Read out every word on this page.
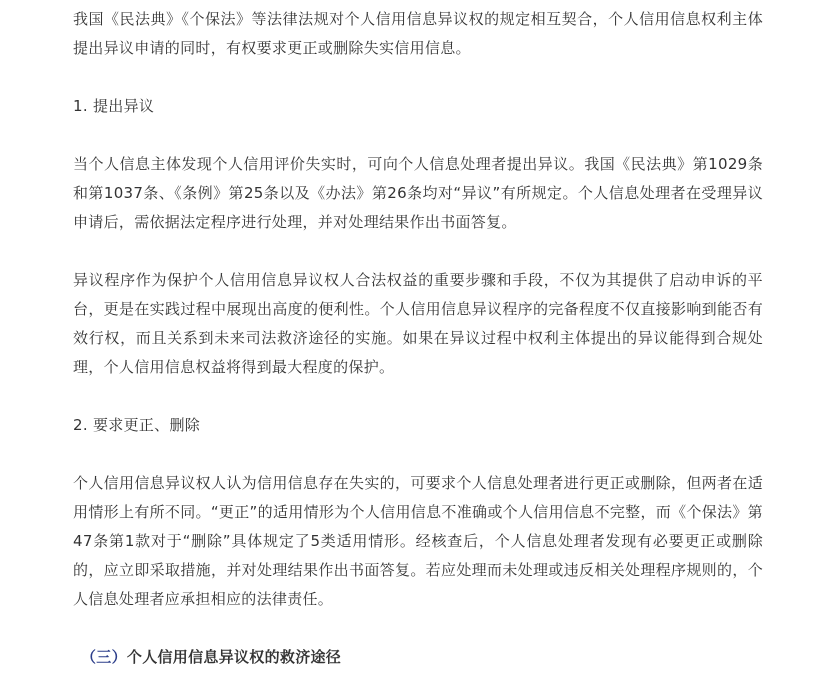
我国《民法典》《个保法》等法律法规对个人信用信息异议权的规定相互契合，个人信用信息权利主体提出异议申请的同时，有权要求更正或删除失实信用信息。

1. 提出异议

当个人信息主体发现个人信用评价失实时，可向个人信息处理者提出异议。我国《民法典》第1029条和第1037条、《条例》第25条以及《办法》第26条均对“异议”有所规定。个人信息处理者在受理异议申请后，需依据法定程序进行处理，并对处理结果作出书面答复。

异议程序作为保护个人信用信息异议权人合法权益的重要步骤和手段，不仅为其提供了启动申诉的平台，更是在实践过程中展现出高度的便利性。个人信用信息异议程序的完备程度不仅直接影响到能否有效行权，而且关系到未来司法救济途径的实施。如果在异议过程中权利主体提出的异议能得到合规处理，个人信用信息权益将得到最大程度的保护。

2. 要求更正、删除

个人信用信息异议权人认为信用信息存在失实的，可要求个人信息处理者进行更正或删除，但两者在适用情形上有所不同。“更正”的适用情形为个人信用信息不准确或个人信用信息不完整，而《个保法》第47条第1款对于“删除”具体规定了5类适用情形。经核查后，个人信息处理者发现有必要更正或删除的，应立即采取措施，并对处理结果作出书面答复。若应处理而未处理或违反相关处理程序规则的，个人信息处理者应承担相应的法律责任。

（三）个人信用信息异议权的救济途径
